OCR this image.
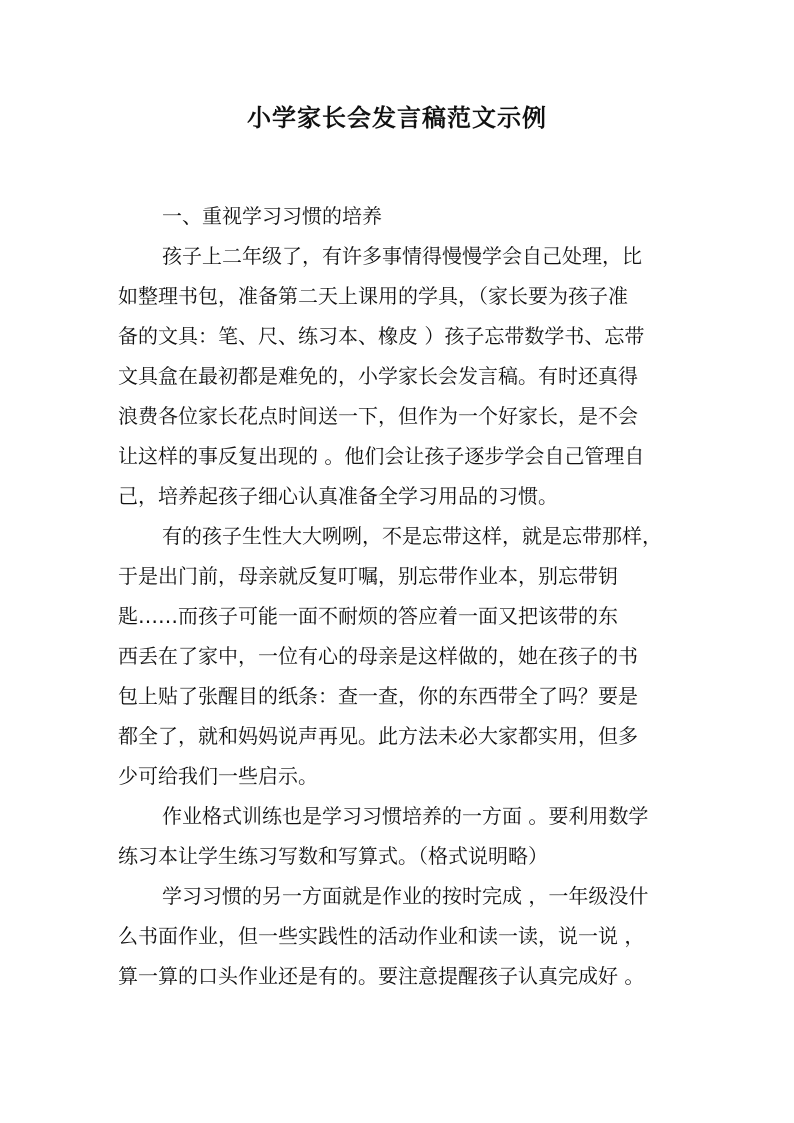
小学家长会发言稿范文示例

一、重视学习习惯的培养

孩子上二年级了，有许多事情得慢慢学会自己处理，比
如整理书包，准备第二天上课用的学具，（家长要为孩子准
备的文具：笔、尺、练习本、橡皮 ）孩子忘带数学书、忘带
文具盒在最初都是难免的，小学家长会发言稿。有时还真得
浪费各位家长花点时间送一下，但作为一个好家长，是不会
让这样的事反复出现的 。他们会让孩子逐步学会自己管理自
己，培养起孩子细心认真准备全学习用品的习惯。

有的孩子生性大大咧咧，不是忘带这样，就是忘带那样，
于是出门前，母亲就反复叮嘱，别忘带作业本，别忘带钥
匙……而孩子可能一面不耐烦的答应着一面又把该带的东
西丢在了家中，一位有心的母亲是这样做的，她在孩子的书
包上贴了张醒目的纸条：查一查，你的东西带全了吗？要是
都全了，就和妈妈说声再见。此方法未必大家都实用，但多
少可给我们一些启示。

作业格式训练也是学习习惯培养的一方面 。要利用数学
练习本让学生练习写数和写算式。（格式说明略）

学习习惯的另一方面就是作业的按时完成 ，一年级没什
么书面作业，但一些实践性的活动作业和读一读，说一说 ，
算一算的口头作业还是有的。要注意提醒孩子认真完成好 。
